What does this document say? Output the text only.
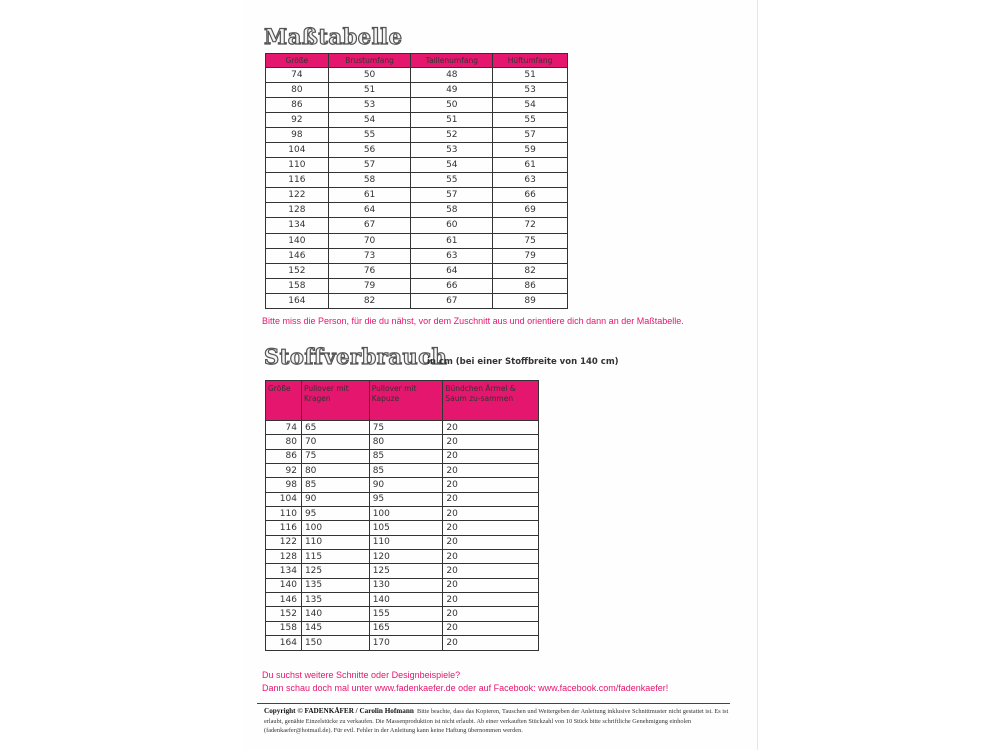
Maßtabelle
Größe	Brustumfang	Taillenumfang	Hüftumfang
74	50	48	51
80	51	49	53
86	53	50	54
92	54	51	55
98	55	52	57
104	56	53	59
110	57	54	61
116	58	55	63
122	61	57	66
128	64	58	69
134	67	60	72
140	70	61	75
146	73	63	79
152	76	64	82
158	79	66	86
164	82	67	89
Bitte miss die Person, für die du nähst, vor dem Zuschnitt aus und orientiere dich dann an der Maßtabelle.
Stoffverbrauch
in cm (bei einer Stoffbreite von 140 cm)
Größe	Pullover mit Kragen	Pullover mit Kapuze	Bündchen Ärmel & Saum zu-sammen
74	65	75	20
80	70	80	20
86	75	85	20
92	80	85	20
98	85	90	20
104	90	95	20
110	95	100	20
116	100	105	20
122	110	110	20
128	115	120	20
134	125	125	20
140	135	130	20
146	135	140	20
152	140	155	20
158	145	165	20
164	150	170	20
Du suchst weitere Schnitte oder Designbeispiele?
Dann schau doch mal unter www.fadenkaefer.de oder auf Facebook: www.facebook.com/fadenkaefer!
Copyright © FADENKÄFER / Carolin Hofmann Bitte beachte, dass das Kopieren, Tauschen und Weitergeben der Anleitung inklusive Schnittmuster nicht gestattet ist. Es ist erlaubt, genähte Einzelstücke zu verkaufen. Die Massenproduktion ist nicht erlaubt. Ab einer verkauften Stückzahl von 10 Stück bitte schriftliche Genehmigung einholen (fadenkaefer@hotmail.de). Für evtl. Fehler in der Anleitung kann keine Haftung übernommen werden.
